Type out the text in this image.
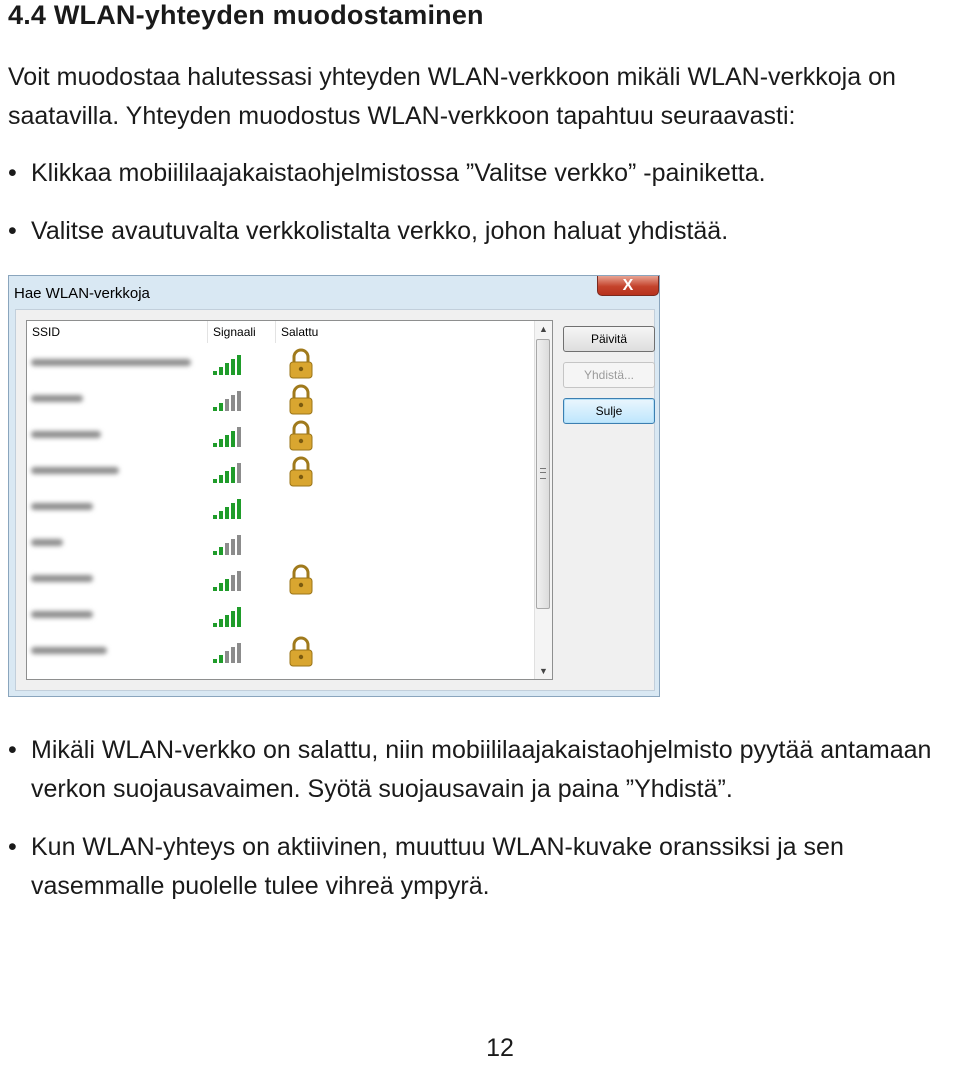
4.4 WLAN-yhteyden muodostaminen

Voit muodostaa halutessasi yhteyden WLAN-verkkoon mikäli WLAN-verkkoja on saatavilla. Yhteyden muodostus WLAN-verkkoon tapahtuu seuraavasti:

• Klikkaa mobiililaajakaistaohjelmistossa ”Valitse verkko” -painiketta.
• Valitse avautuvalta verkkolistalta verkko, johon haluat yhdistää.
Hae WLAN-verkkoja	X
SSID	Signaali	Salattu	▲
▼
Päivitä
Yhdistä...
Sulje
• Mikäli WLAN-verkko on salattu, niin mobiililaajakaistaohjelmisto pyytää antamaan verkon suojausavaimen. Syötä suojausavain ja paina ”Yhdistä”.
• Kun WLAN-yhteys on aktiivinen, muuttuu WLAN-kuvake oranssiksi ja sen vasemmalle puolelle tulee vihreä ympyrä.
12
